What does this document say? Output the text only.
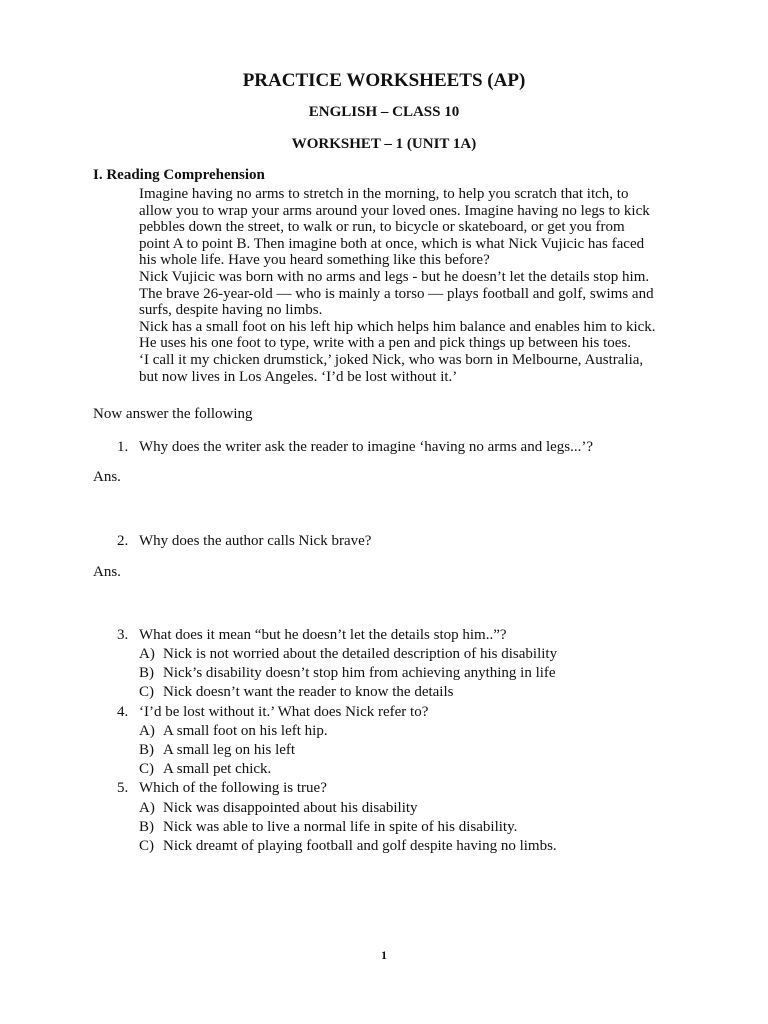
PRACTICE WORKSHEETS (AP)
ENGLISH – CLASS 10
WORKSHET – 1 (UNIT 1A)
I. Reading Comprehension

Imagine having no arms to stretch in the morning, to help you scratch that itch, to

allow you to wrap your arms around your loved ones. Imagine having no legs to kick

pebbles down the street, to walk or run, to bicycle or skateboard, or get you from

point A to point B. Then imagine both at once, which is what Nick Vujicic has faced

his whole life. Have you heard something like this before?

Nick Vujicic was born with no arms and legs - but he doesn’t let the details stop him.

The brave 26-year-old — who is mainly a torso — plays football and golf, swims and

surfs, despite having no limbs.

Nick has a small foot on his left hip which helps him balance and enables him to kick.

He uses his one foot to type, write with a pen and pick things up between his toes.

‘I call it my chicken drumstick,’ joked Nick, who was born in Melbourne, Australia,

but now lives in Los Angeles. ‘I’d be lost without it.’

Now answer the following
1. Why does the writer ask the reader to imagine ‘having no arms and legs...’?
Ans.
2. Why does the author calls Nick brave?
Ans.
3. What does it mean “but he doesn’t let the details stop him..”?
A) Nick is not worried about the detailed description of his disability
B) Nick’s disability doesn’t stop him from achieving anything in life
C) Nick doesn’t want the reader to know the details
4. ‘I’d be lost without it.’ What does Nick refer to?
A) A small foot on his left hip.
B) A small leg on his left
C) A small pet chick.
5. Which of the following is true?
A) Nick was disappointed about his disability
B) Nick was able to live a normal life in spite of his disability.
C) Nick dreamt of playing football and golf despite having no limbs.
1
